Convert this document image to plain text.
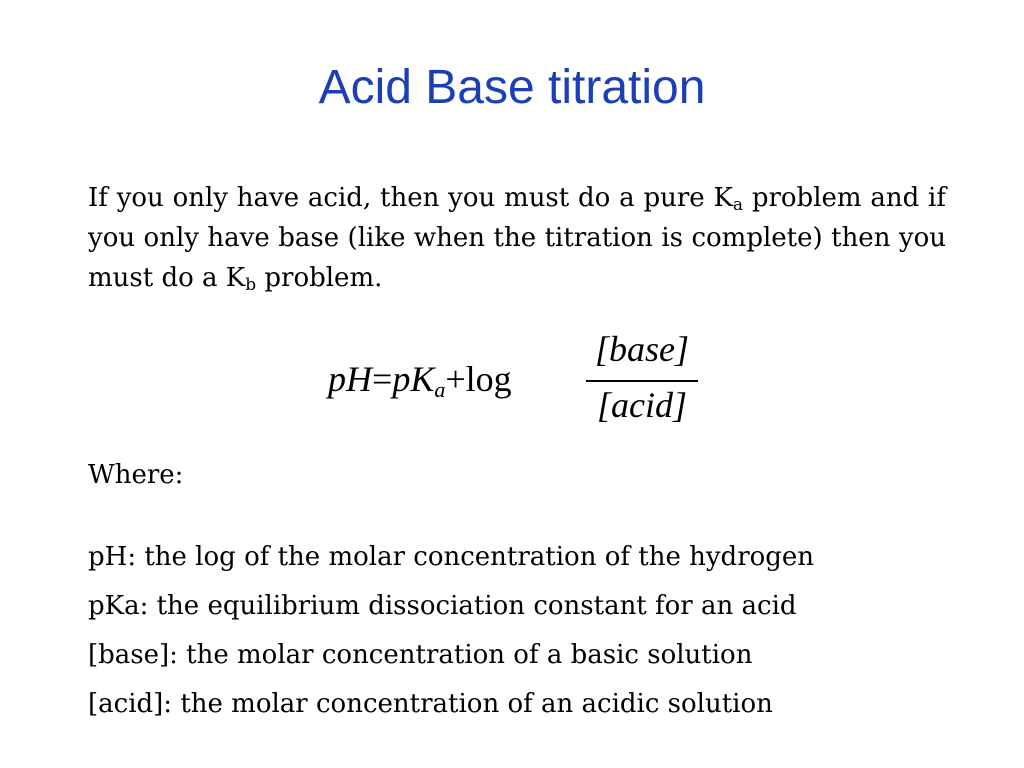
Acid Base titration
If you only have acid, then you must do a pure $K_a$ problem and if you only have base (like when the titration is complete) then you must do a $K_b$ problem.
$pH=pK_a+\log$
[base]
[acid]
Where:
pH: the log of the molar concentration of the hydrogen
pKa: the equilibrium dissociation constant for an acid
[base]: the molar concentration of a basic solution
[acid]: the molar concentration of an acidic solution
